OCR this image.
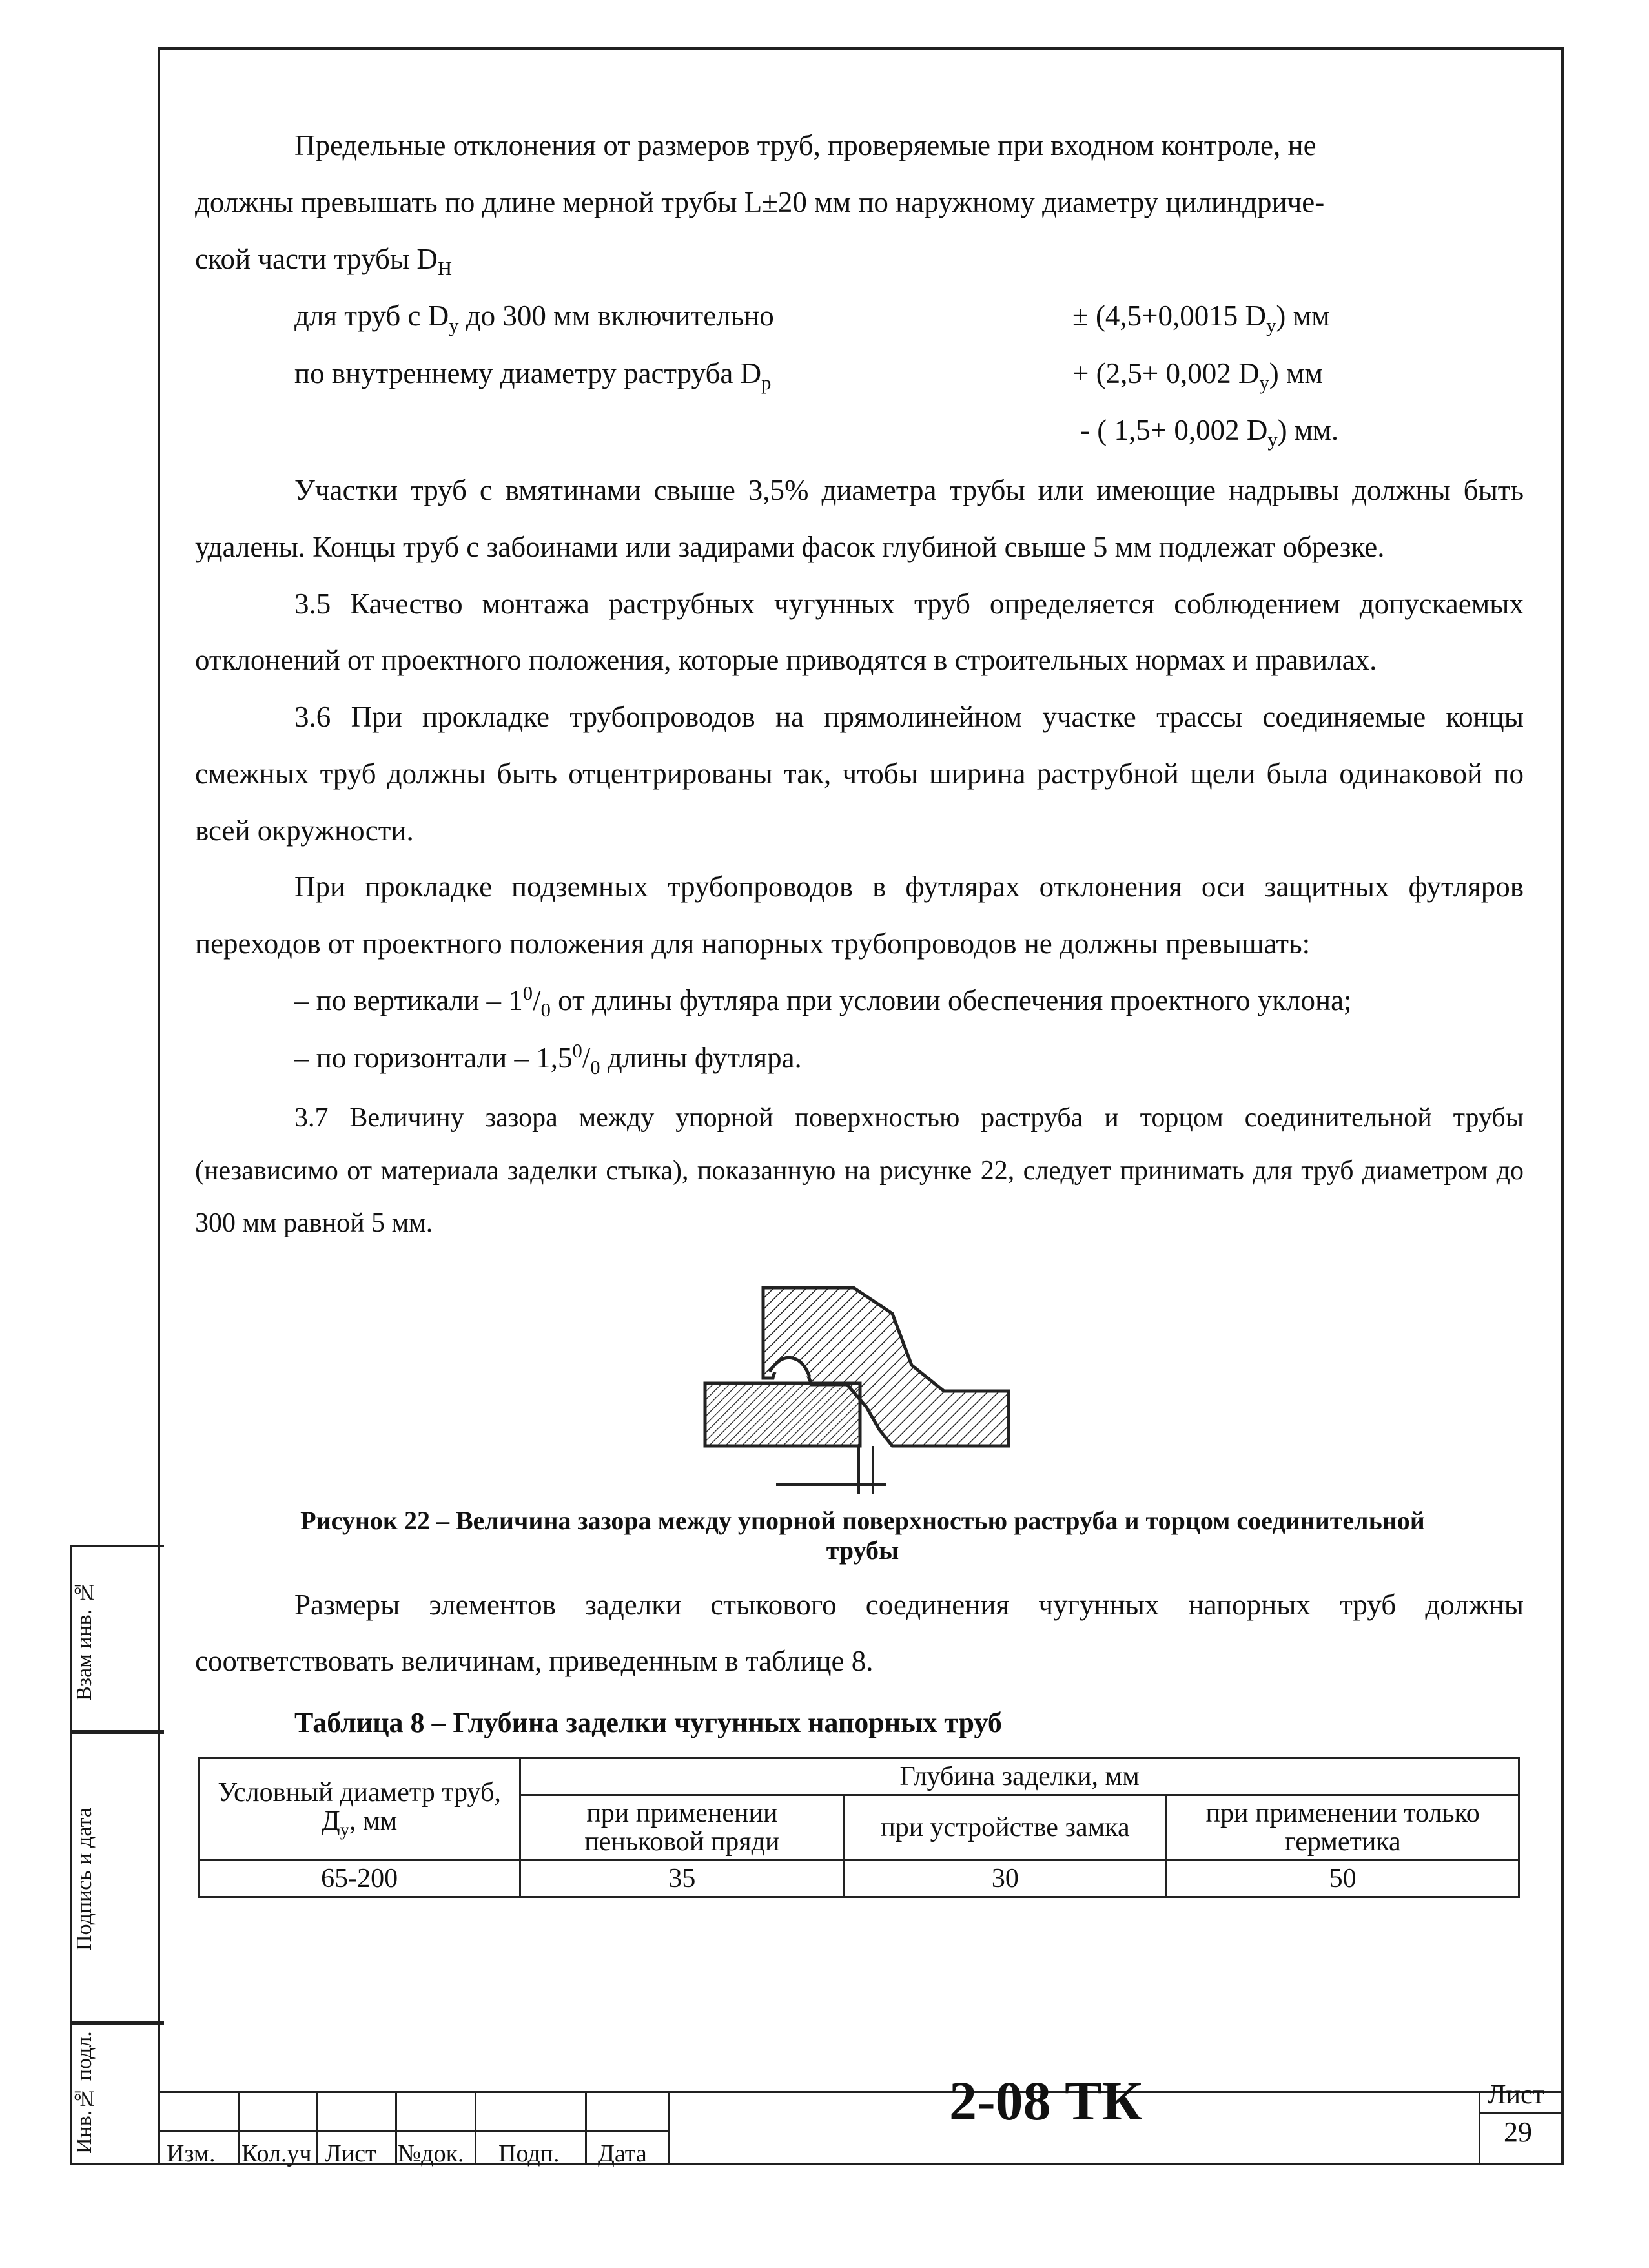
Взам инв. №
Подпись и дата
Инв.№ подл.

Предельные отклонения от размеров труб, проверяемые при входном контроле, не
должны превышать по длине мерной трубы L±20 мм по наружному диаметру цилиндриче-
ской части трубы $D_Н$

для труб с $D_у$ до 300 мм включительно	± (4,5+0,0015 $D_у$) мм
по внутреннему диаметру раструба $D_р$	+ (2,5+ 0,002 $D_у$) мм
- ( 1,5+ 0,002 $D_у$) мм.

Участки труб с вмятинами свыше 3,5% диаметра трубы или имеющие надрывы должны быть удалены. Концы труб с забоинами или задирами фасок глубиной свыше 5 мм подлежат обрезке.

3.5 Качество монтажа раструбных чугунных труб определяется соблюдением допускаемых отклонений от проектного положения, которые приводятся в строительных нормах и правилах.

3.6 При прокладке трубопроводов на прямолинейном участке трассы соединяемые концы смежных труб должны быть отцентрированы так, чтобы ширина раструбной щели была одинаковой по всей окружности.

При прокладке подземных трубопроводов в футлярах отклонения оси защитных футляров переходов от проектного положения для напорных трубопроводов не должны превышать:

– по вертикали – $1^0/_0$ от длины футляра при условии обеспечения проектного уклона;

– по горизонтали – $1,5^0/_0$ длины футляра.

3.7 Величину зазора между упорной поверхностью раструба и торцом соединительной трубы (независимо от материала заделки стыка), показанную на рисунке 22, следует принимать для труб диаметром до 300 мм равной 5 мм.

Рисунок 22 – Величина зазора между упорной поверхностью раструба и торцом соединительной трубы

Размеры элементов заделки стыкового соединения чугунных напорных труб должны соответствовать величинам, приведенным в таблице 8.

Таблица 8 – Глубина заделки чугунных напорных труб
Условный диаметр труб, $Д_у$, мм	Глубина заделки, мм		
	при применении пеньковой пряди	при устройстве замка	при применении только герметика
65-200	35	30	50
Изм. Кол.уч Лист №док. Подп. Дата
2-08 ТК	Лист
29
